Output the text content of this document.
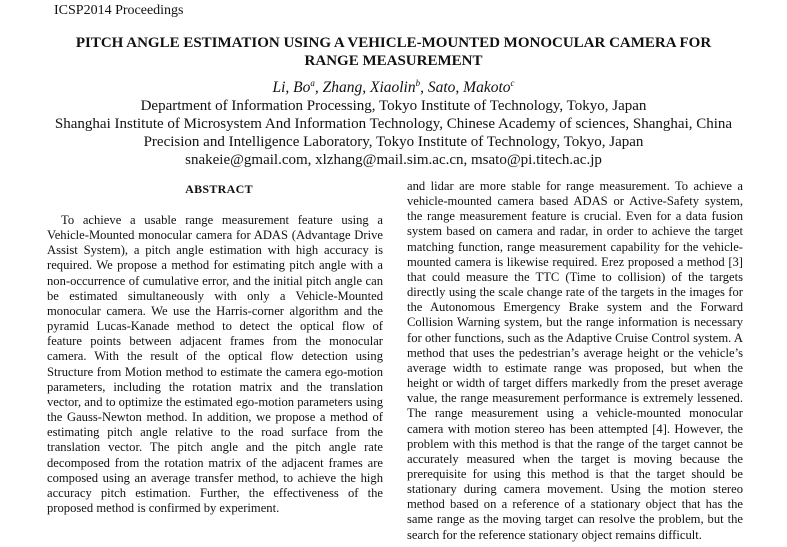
ICSP2014 Proceedings
PITCH ANGLE ESTIMATION USING A VEHICLE-MOUNTED MONOCULAR CAMERA FOR
RANGE MEASUREMENT
Li, Bo$^a$, Zhang, Xiaolin$^b$, Sato, Makoto$^c$
Department of Information Processing, Tokyo Institute of Technology, Tokyo, Japan
Shanghai Institute of Microsystem And Information Technology, Chinese Academy of sciences, Shanghai, China
Precision and Intelligence Laboratory, Tokyo Institute of Technology, Tokyo, Japan
snakeie@gmail.com, xlzhang@mail.sim.ac.cn, msato@pi.titech.ac.jp
ABSTRACT
To achieve a usable range measurement feature using a Vehicle-Mounted monocular camera for ADAS (Advantage Drive Assist System), a pitch angle estimation with high accuracy is required. We propose a method for estimating pitch angle with a non-occurrence of cumulative error, and the initial pitch angle can be estimated simultaneously with only a Vehicle-Mounted monocular camera. We use the Harris-corner algorithm and the pyramid Lucas-Kanade method to detect the optical flow of feature points between adjacent frames from the monocular camera. With the result of the optical flow detection using Structure from Motion method to estimate the camera ego-motion parameters, including the rotation matrix and the translation vector, and to optimize the estimated ego-motion parameters using the Gauss-Newton method. In addition, we propose a method of estimating pitch angle relative to the road surface from the translation vector. The pitch angle and the pitch angle rate decomposed from the rotation matrix of the adjacent frames are composed using an average transfer method, to achieve the high accuracy pitch estimation. Further, the effectiveness of the proposed method is confirmed by experiment.
and lidar are more stable for range measurement. To achieve a vehicle-mounted camera based ADAS or Active-Safety system, the range measurement feature is crucial. Even for a data fusion system based on camera and radar, in order to achieve the target matching function, range measurement capability for the vehicle-mounted camera is likewise required. Erez proposed a method [3] that could measure the TTC (Time to collision) of the targets directly using the scale change rate of the targets in the images for the Autonomous Emergency Brake system and the Forward Collision Warning system, but the range information is necessary for other functions, such as the Adaptive Cruise Control system. A method that uses the pedestrian’s average height or the vehicle’s average width to estimate range was proposed, but when the height or width of target differs markedly from the preset average value, the range measurement performance is extremely lessened. The range measurement using a vehicle-mounted monocular camera with motion stereo has been attempted [4]. However, the problem with this method is that the range of the target cannot be accurately measured when the target is moving because the prerequisite for using this method is that the target should be stationary during camera movement. Using the motion stereo method based on a reference of a stationary object that has the same range as the moving target can resolve the problem, but the search for the reference stationary object remains difficult.
